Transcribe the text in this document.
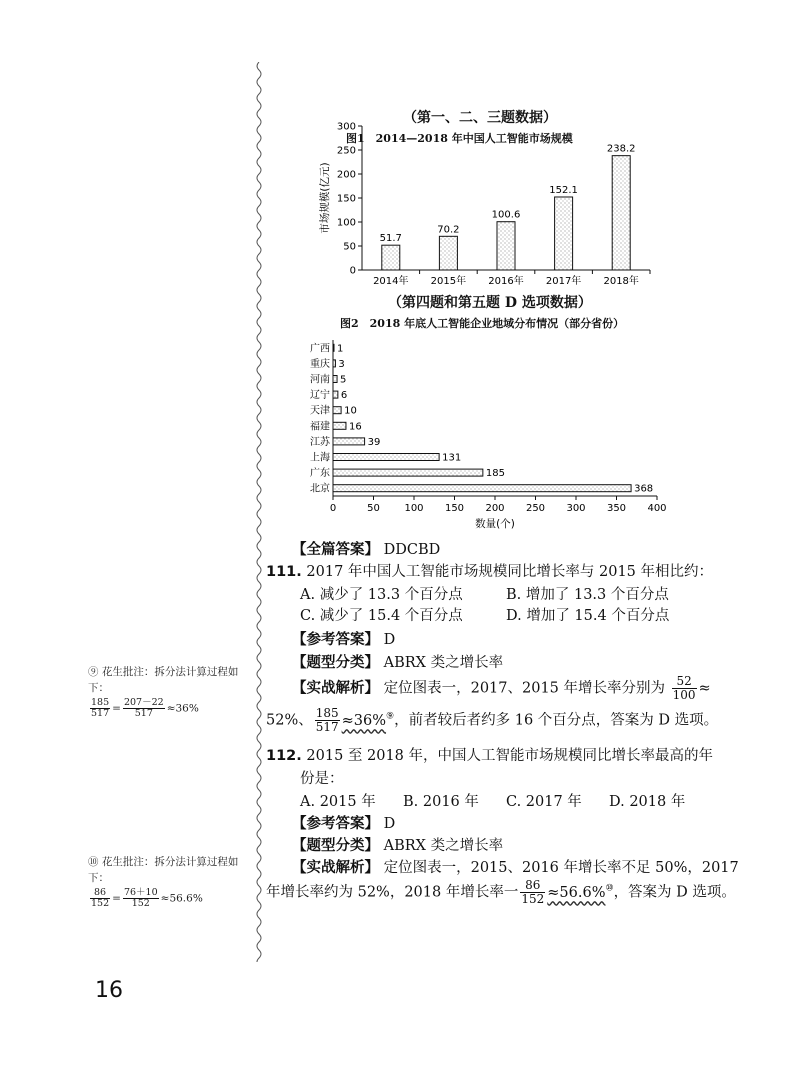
（第一、二、三题数据）
图1　2014—2018 年中国人工智能市场规模
0
50
100
150
200
250
300
市场规模(亿元)
51.7
2014年
70.2
2015年
100.6
2016年
152.1
2017年
238.2
2018年
（第四题和第五题 D 选项数据）
图2　2018 年底人工智能企业地域分布情况（部分省份）
0	50 100 150 200 250 300 350 400
数量(个)
1
广西
3
重庆
5
河南
6
辽宁
10
天津
16
福建
39
江苏
131
上海
185
广东
368
北京
【全篇答案】 DDCBD
111. 2017 年中国人工智能市场规模同比增长率与 2015 年相比约：
A. 减少了 13.3 个百分点	B. 增加了 13.3 个百分点
C. 减少了 15.4 个百分点	D. 增加了 15.4 个百分点
【参考答案】 D
【题型分类】 ABRX 类之增长率
【实战解析】 定位图表一，2017、2015 年增长率分别为 $\frac{52}{100}$ ≈
52%、 $\frac{185}{517} \approx 36\%^⑨$，前者较后者约多 16 个百分点，答案为 D 选项。
112. 2015 至 2018 年，中国人工智能市场规模同比增长率最高的年
份是：
A. 2015 年 B. 2016 年 C. 2017 年 D. 2018 年
【参考答案】 D
【题型分类】 ABRX 类之增长率
【实战解析】 定位图表一，2015、2016 年增长率不足 50%，2017
年增长率约为 52%，2018 年增长率一 $\frac{86}{152} \approx 56.6\%^⑩$，答案为 D 选项。
⑨ 花生批注：拆分法计算过程如下：
$\frac{185}{517} = \frac{207-22}{517} \approx 36\%$
⑩ 花生批注：拆分法计算过程如下：
$\frac{86}{152} = \frac{76+10}{152} \approx 56.6\%$
16
